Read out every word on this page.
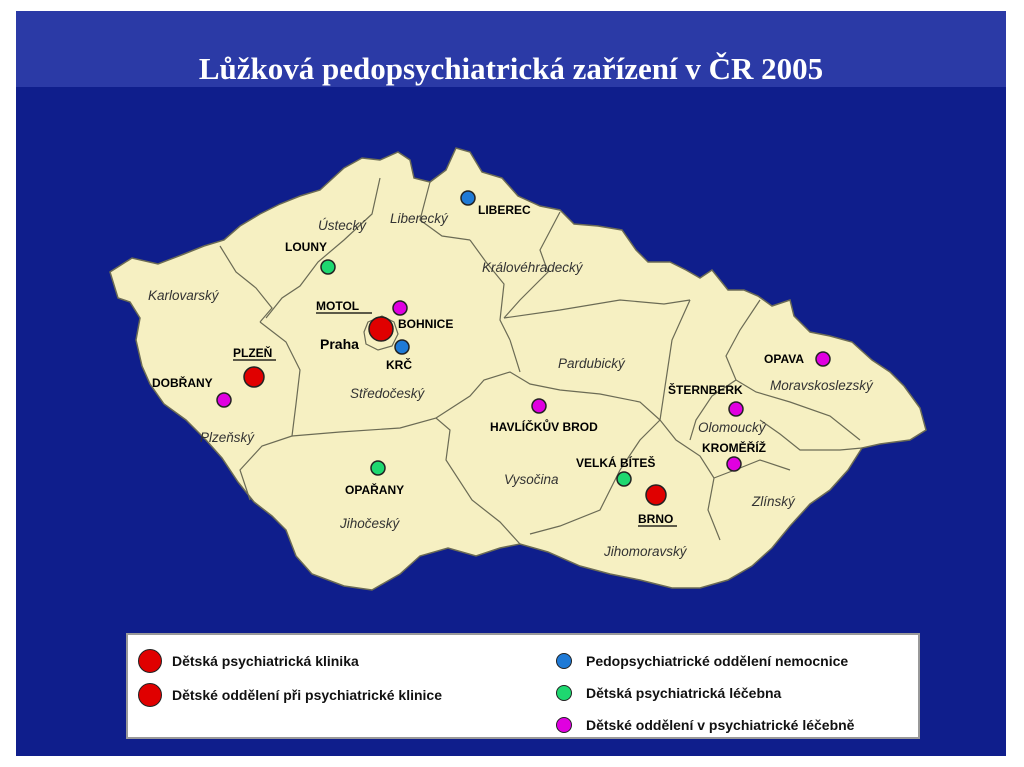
Lůžková pedopsychiatrická zařízení v ČR 2005
Ústecký Liberecký
Karlovarský
Královéhradecký
Pardubický
Středočeský
Plzeňský
Vysočina
Jihočeský
Jihomoravský
Olomoucký
Moravskoslezský
Zlínský
LIBEREC
LOUNY
MOTOL
BOHNICE
KRČ
Praha
PLZEŇ
DOBŘANY
HAVLÍČKŮV BROD
OPAŘANY
VELKÁ BÍTEŠ
BRNO
ŠTERNBERK
OPAVA
KROMĚŘÍŽ
Dětská psychiatrická klinika
Dětské oddělení při psychiatrické klinice
Pedopsychiatrické oddělení nemocnice
Dětská psychiatrická léčebna
Dětské oddělení v psychiatrické léčebně
